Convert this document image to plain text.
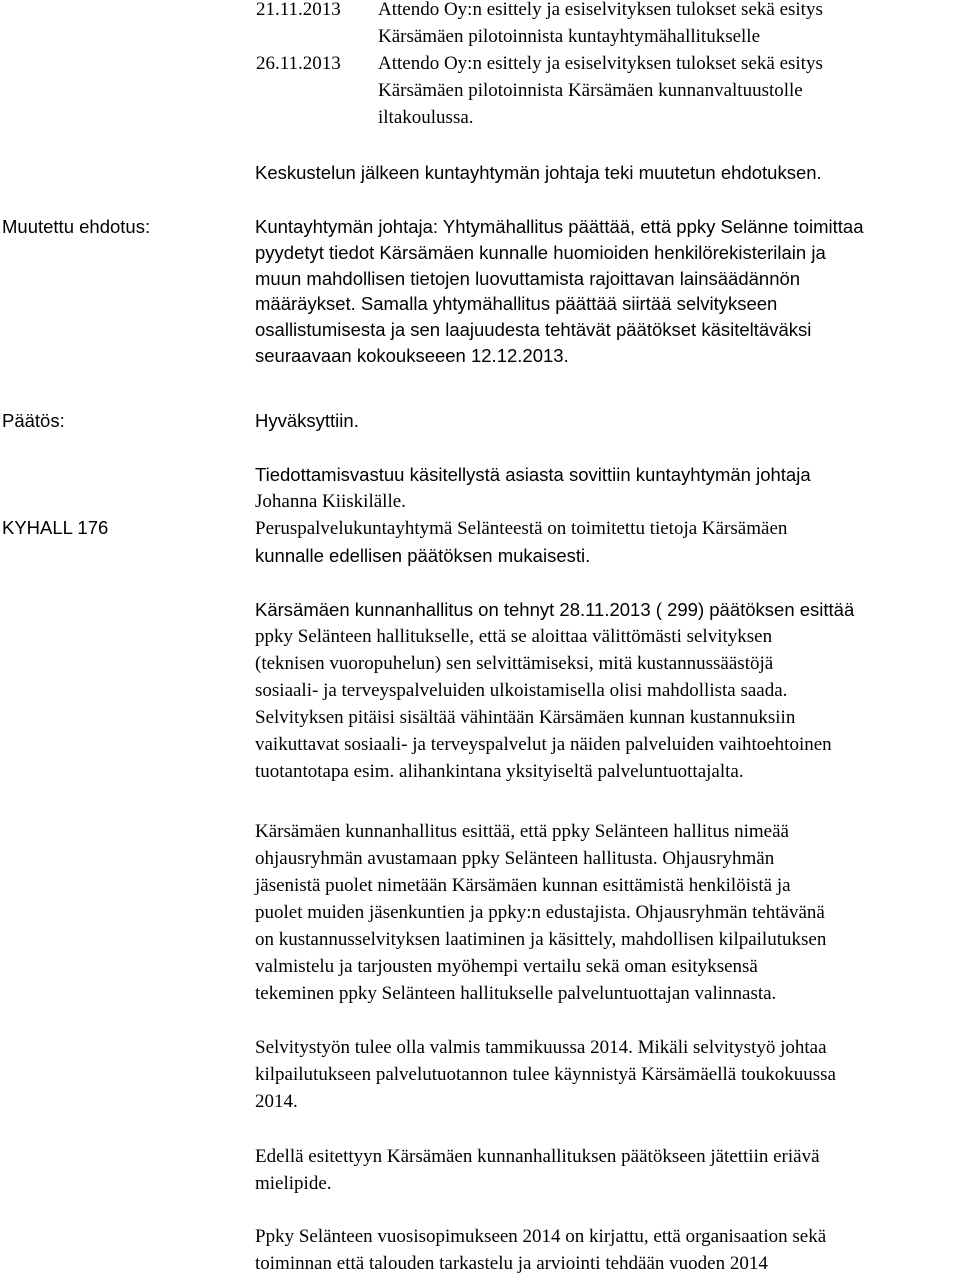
21.11.2013 Attendo Oy:n esittely ja esiselvityksen tulokset sekä esitys
Kärsämäen pilotoinnista kuntayhtymähallitukselle
26.11.2013 Attendo Oy:n esittely ja esiselvityksen tulokset sekä esitys
Kärsämäen pilotoinnista Kärsämäen kunnanvaltuustolle
iltakoulussa.
Keskustelun jälkeen kuntayhtymän johtaja teki muutetun ehdotuksen.
Muutettu ehdotus:
Päätös:
KYHALL 176
Kuntayhtymän johtaja: Yhtymähallitus päättää, että ppky Selänne toimittaa
pyydetyt tiedot Kärsämäen kunnalle huomioiden henkilörekisterilain ja
muun mahdollisen tietojen luovuttamista rajoittavan lainsäädännön
määräykset. Samalla yhtymähallitus päättää siirtää selvitykseen
osallistumisesta ja sen laajuudesta tehtävät päätökset käsiteltäväksi
seuraavaan kokoukseeen 12.12.2013.
Hyväksyttiin.
Tiedottamisvastuu käsitellystä asiasta sovittiin kuntayhtymän johtaja
Johanna Kiiskilälle.
Peruspalvelukuntayhtymä Selänteestä on toimitettu tietoja Kärsämäen
kunnalle edellisen päätöksen mukaisesti.
Kärsämäen kunnanhallitus on tehnyt 28.11.2013 ( 299) päätöksen esittää
ppky Selänteen hallitukselle, että se aloittaa välittömästi selvityksen
(teknisen vuoropuhelun) sen selvittämiseksi, mitä kustannussäästöjä
sosiaali- ja terveyspalveluiden ulkoistamisella olisi mahdollista saada.
Selvityksen pitäisi sisältää vähintään Kärsämäen kunnan kustannuksiin
vaikuttavat sosiaali- ja terveyspalvelut ja näiden palveluiden vaihtoehtoinen
tuotantotapa esim. alihankintana yksityiseltä palveluntuottajalta.
Kärsämäen kunnanhallitus esittää, että ppky Selänteen hallitus nimeää
ohjausryhmän avustamaan ppky Selänteen hallitusta. Ohjausryhmän
jäsenistä puolet nimetään Kärsämäen kunnan esittämistä henkilöistä ja
puolet muiden jäsenkuntien ja ppky:n edustajista. Ohjausryhmän tehtävänä
on kustannusselvityksen laatiminen ja käsittely, mahdollisen kilpailutuksen
valmistelu ja tarjousten myöhempi vertailu sekä oman esityksensä
tekeminen ppky Selänteen hallitukselle palveluntuottajan valinnasta.
Selvitystyön tulee olla valmis tammikuussa 2014. Mikäli selvitystyö johtaa
kilpailutukseen palvelutuotannon tulee käynnistyä Kärsämäellä toukokuussa
2014.
Edellä esitettyyn Kärsämäen kunnanhallituksen päätökseen jätettiin eriävä
mielipide.
Ppky Selänteen vuosisopimukseen 2014 on kirjattu, että organisaation sekä
toiminnan että talouden tarkastelu ja arviointi tehdään vuoden 2014
